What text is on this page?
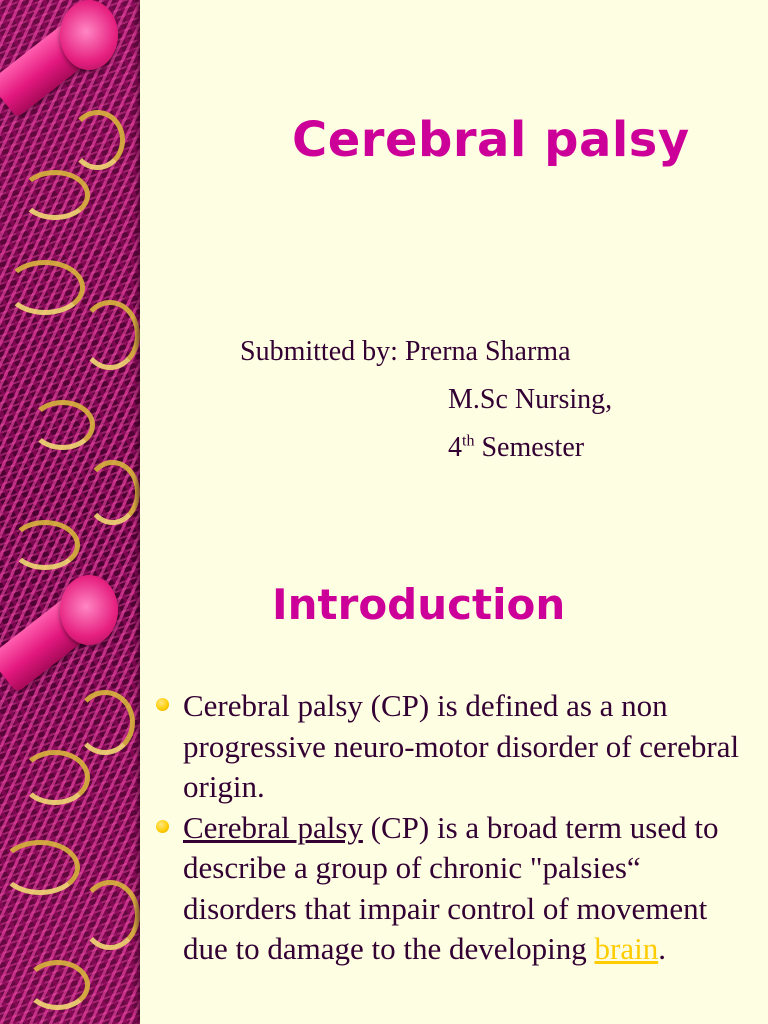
Cerebral palsy

Submitted by: Prerna Sharma

M.Sc Nursing,

4th Semester

Introduction
Cerebral palsy (CP) is defined as a non progressive neuro-motor disorder of cerebral origin.
Cerebral palsy (CP) is a broad term used to describe a group of chronic "palsies“ disorders that impair control of movement due to damage to the developing brain.
